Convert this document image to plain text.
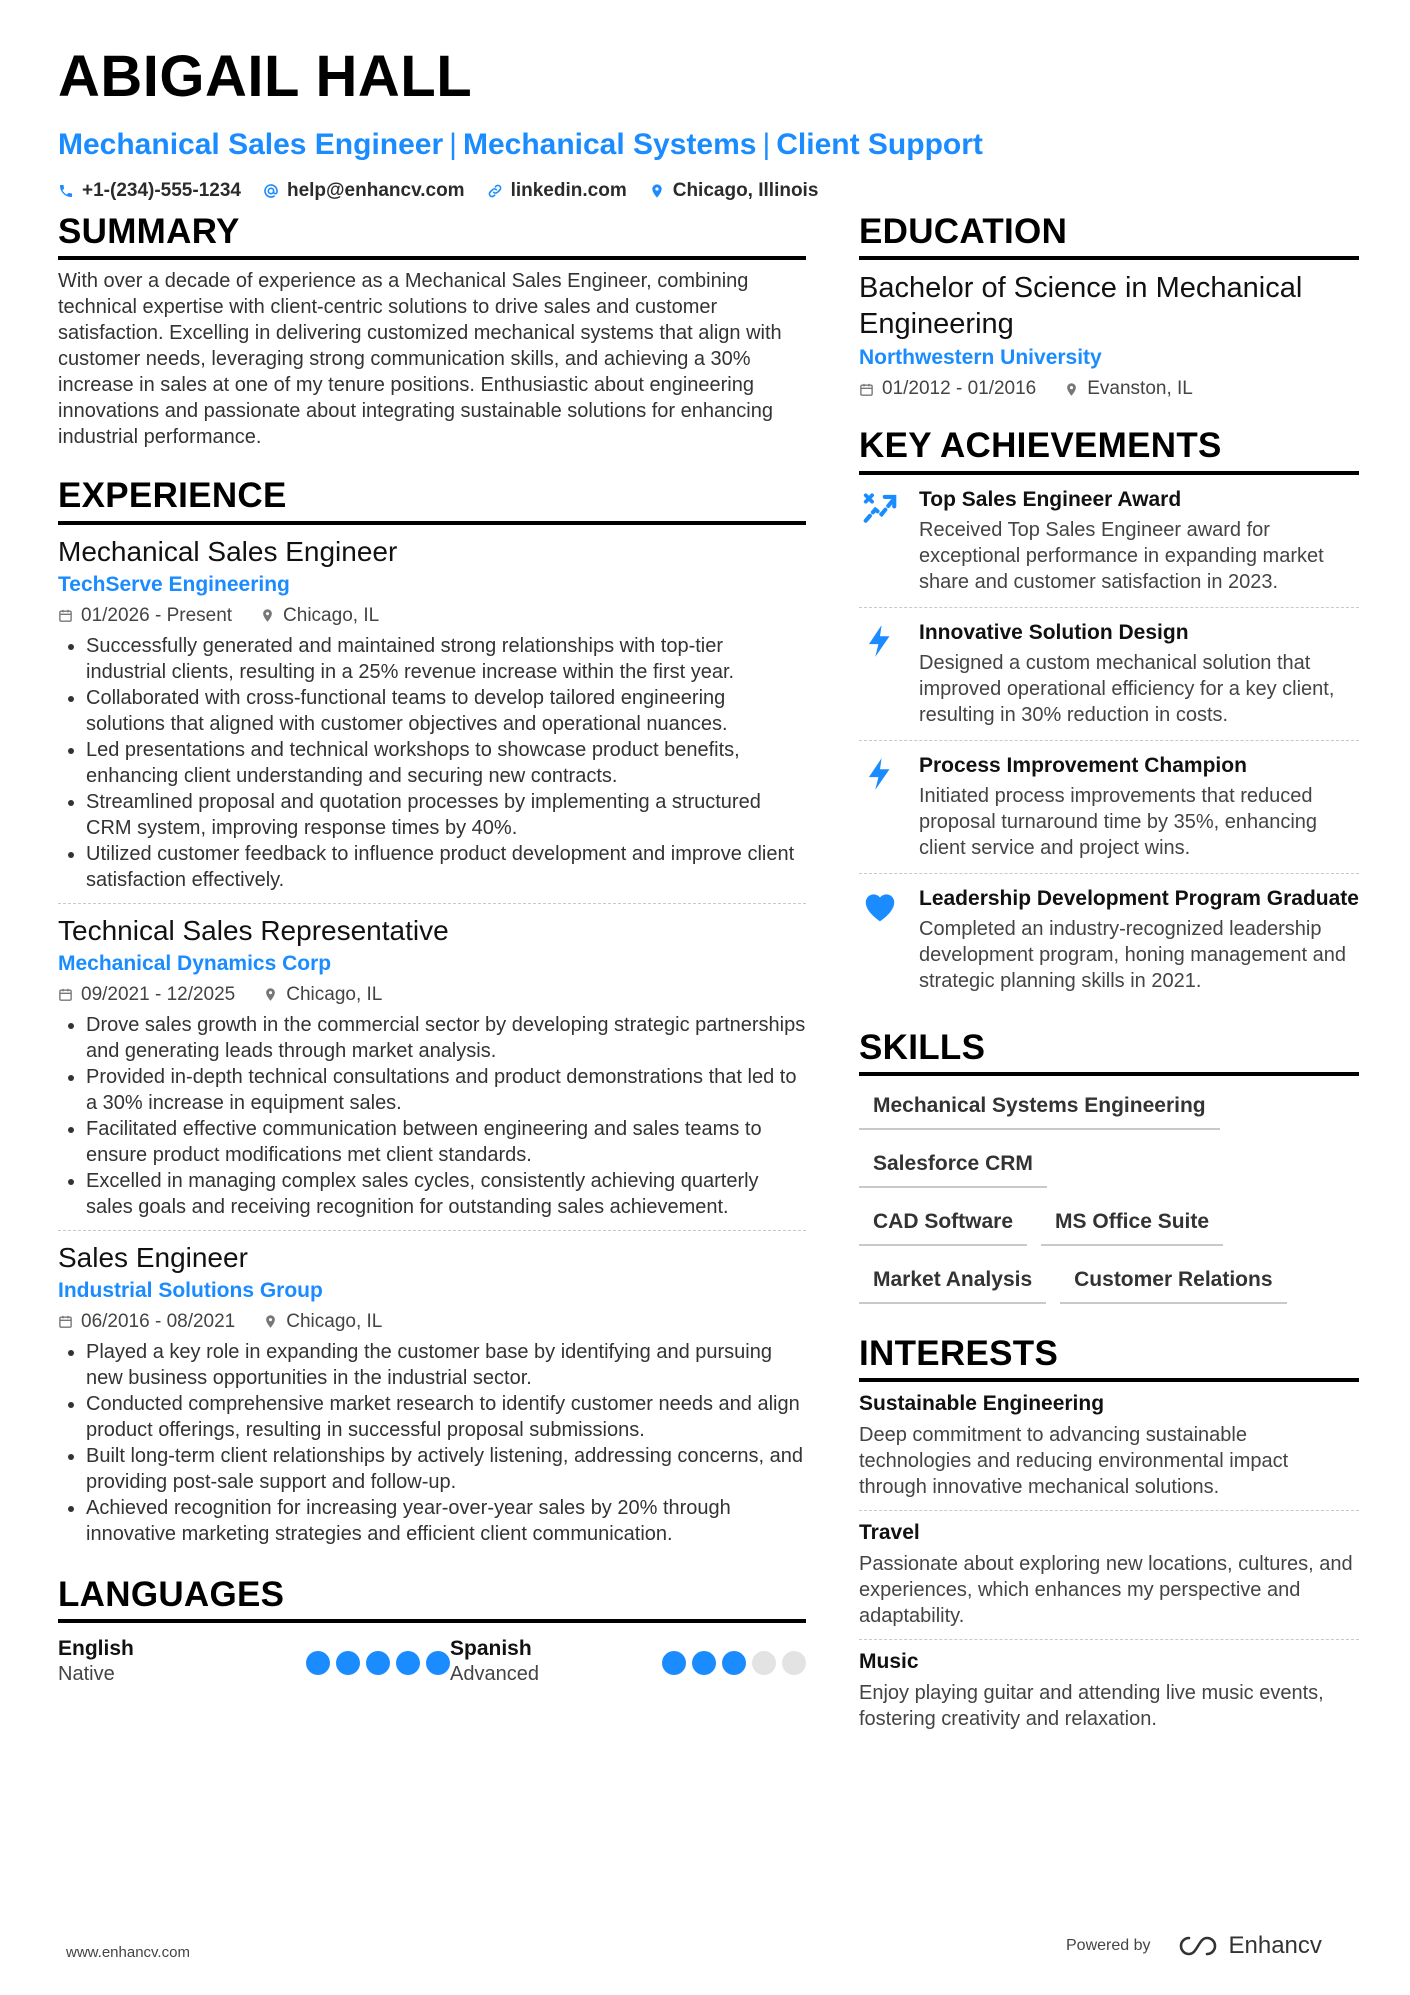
ABIGAIL HALL
Mechanical Sales Engineer | Mechanical Systems | Client Support
+1-(234)-555-1234 help@enhancv.com linkedin.com Chicago, Illinois
SUMMARY
With over a decade of experience as a Mechanical Sales Engineer, combining technical expertise with client-centric solutions to drive sales and customer satisfaction. Excelling in delivering customized mechanical systems that align with customer needs, leveraging strong communication skills, and achieving a 30% increase in sales at one of my tenure positions. Enthusiastic about engineering innovations and passionate about integrating sustainable solutions for enhancing industrial performance.
EXPERIENCE
Mechanical Sales Engineer
TechServe Engineering
01/2026 - Present	Chicago, IL
• Successfully generated and maintained strong relationships with top-tier industrial clients, resulting in a 25% revenue increase within the first year.
• Collaborated with cross-functional teams to develop tailored engineering solutions that aligned with customer objectives and operational nuances.
• Led presentations and technical workshops to showcase product benefits, enhancing client understanding and securing new contracts.
• Streamlined proposal and quotation processes by implementing a structured CRM system, improving response times by 40%.
• Utilized customer feedback to influence product development and improve client satisfaction effectively.
Technical Sales Representative
Mechanical Dynamics Corp
09/2021 - 12/2025	Chicago, IL
• Drove sales growth in the commercial sector by developing strategic partnerships and generating leads through market analysis.
• Provided in-depth technical consultations and product demonstrations that led to a 30% increase in equipment sales.
• Facilitated effective communication between engineering and sales teams to ensure product modifications met client standards.
• Excelled in managing complex sales cycles, consistently achieving quarterly sales goals and receiving recognition for outstanding sales achievement.
Sales Engineer
Industrial Solutions Group
06/2016 - 08/2021	Chicago, IL
• Played a key role in expanding the customer base by identifying and pursuing new business opportunities in the industrial sector.
• Conducted comprehensive market research to identify customer needs and align product offerings, resulting in successful proposal submissions.
• Built long-term client relationships by actively listening, addressing concerns, and providing post-sale support and follow-up.
• Achieved recognition for increasing year-over-year sales by 20% through innovative marketing strategies and efficient client communication.
LANGUAGES
English
Native
Spanish
Advanced
EDUCATION
Bachelor of Science in Mechanical Engineering
Northwestern University
01/2012 - 01/2016	Evanston, IL
KEY ACHIEVEMENTS
Top Sales Engineer Award
Received Top Sales Engineer award for exceptional performance in expanding market share and customer satisfaction in 2023.
Innovative Solution Design
Designed a custom mechanical solution that improved operational efficiency for a key client, resulting in 30% reduction in costs.
Process Improvement Champion
Initiated process improvements that reduced proposal turnaround time by 35%, enhancing client service and project wins.
Leadership Development Program Graduate
Completed an industry-recognized leadership development program, honing management and strategic planning skills in 2021.
SKILLS
Mechanical Systems Engineering
Salesforce CRM
CAD Software	MS Office Suite
Market Analysis	Customer Relations
INTERESTS
Sustainable Engineering
Deep commitment to advancing sustainable technologies and reducing environmental impact through innovative mechanical solutions.
Travel
Passionate about exploring new locations, cultures, and experiences, which enhances my perspective and adaptability.
Music
Enjoy playing guitar and attending live music events, fostering creativity and relaxation.
www.enhancv.com	Powered by	Enhancv
